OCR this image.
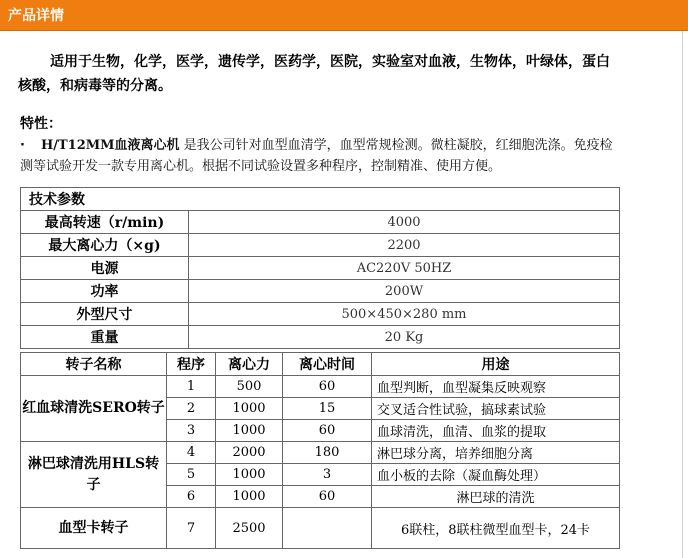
产品详情
适用于生物，化学，医学，遗传学，医药学，医院，实验室对血液，生物体，叶绿体，蛋白核酸，和病毒等的分离。
特性：
· H/T12MM血液离心机 是我公司针对血型血清学，血型常规检测。微柱凝胶，红细胞洗涤。免疫检测等试验开发一款专用离心机。根据不同试验设置多种程序，控制精准、使用方便。
技术参数	
最高转速（r/min)	4000
最大离心力（×g)	2200
电源	AC220V 50HZ
功率	200W
外型尺寸	500×450×280 mm
重量	20 Kg
转子名称	程序	离心力	离心时间	用途
红血球清洗SERO转子	1	500	60	血型判断，血型凝集反映观察
	2	1000	15	交叉适合性试验，搞球素试验
	3	1000	60	血球清洗，血清、血浆的提取
淋巴球清洗用HLS转子	4	2000	180	淋巴球分离，培养细胞分离
	5	1000	3	血小板的去除（凝血酶处理）
	6	1000	60	淋巴球的清洗
血型卡转子	7	2500		6联柱，8联柱微型血型卡，24卡
